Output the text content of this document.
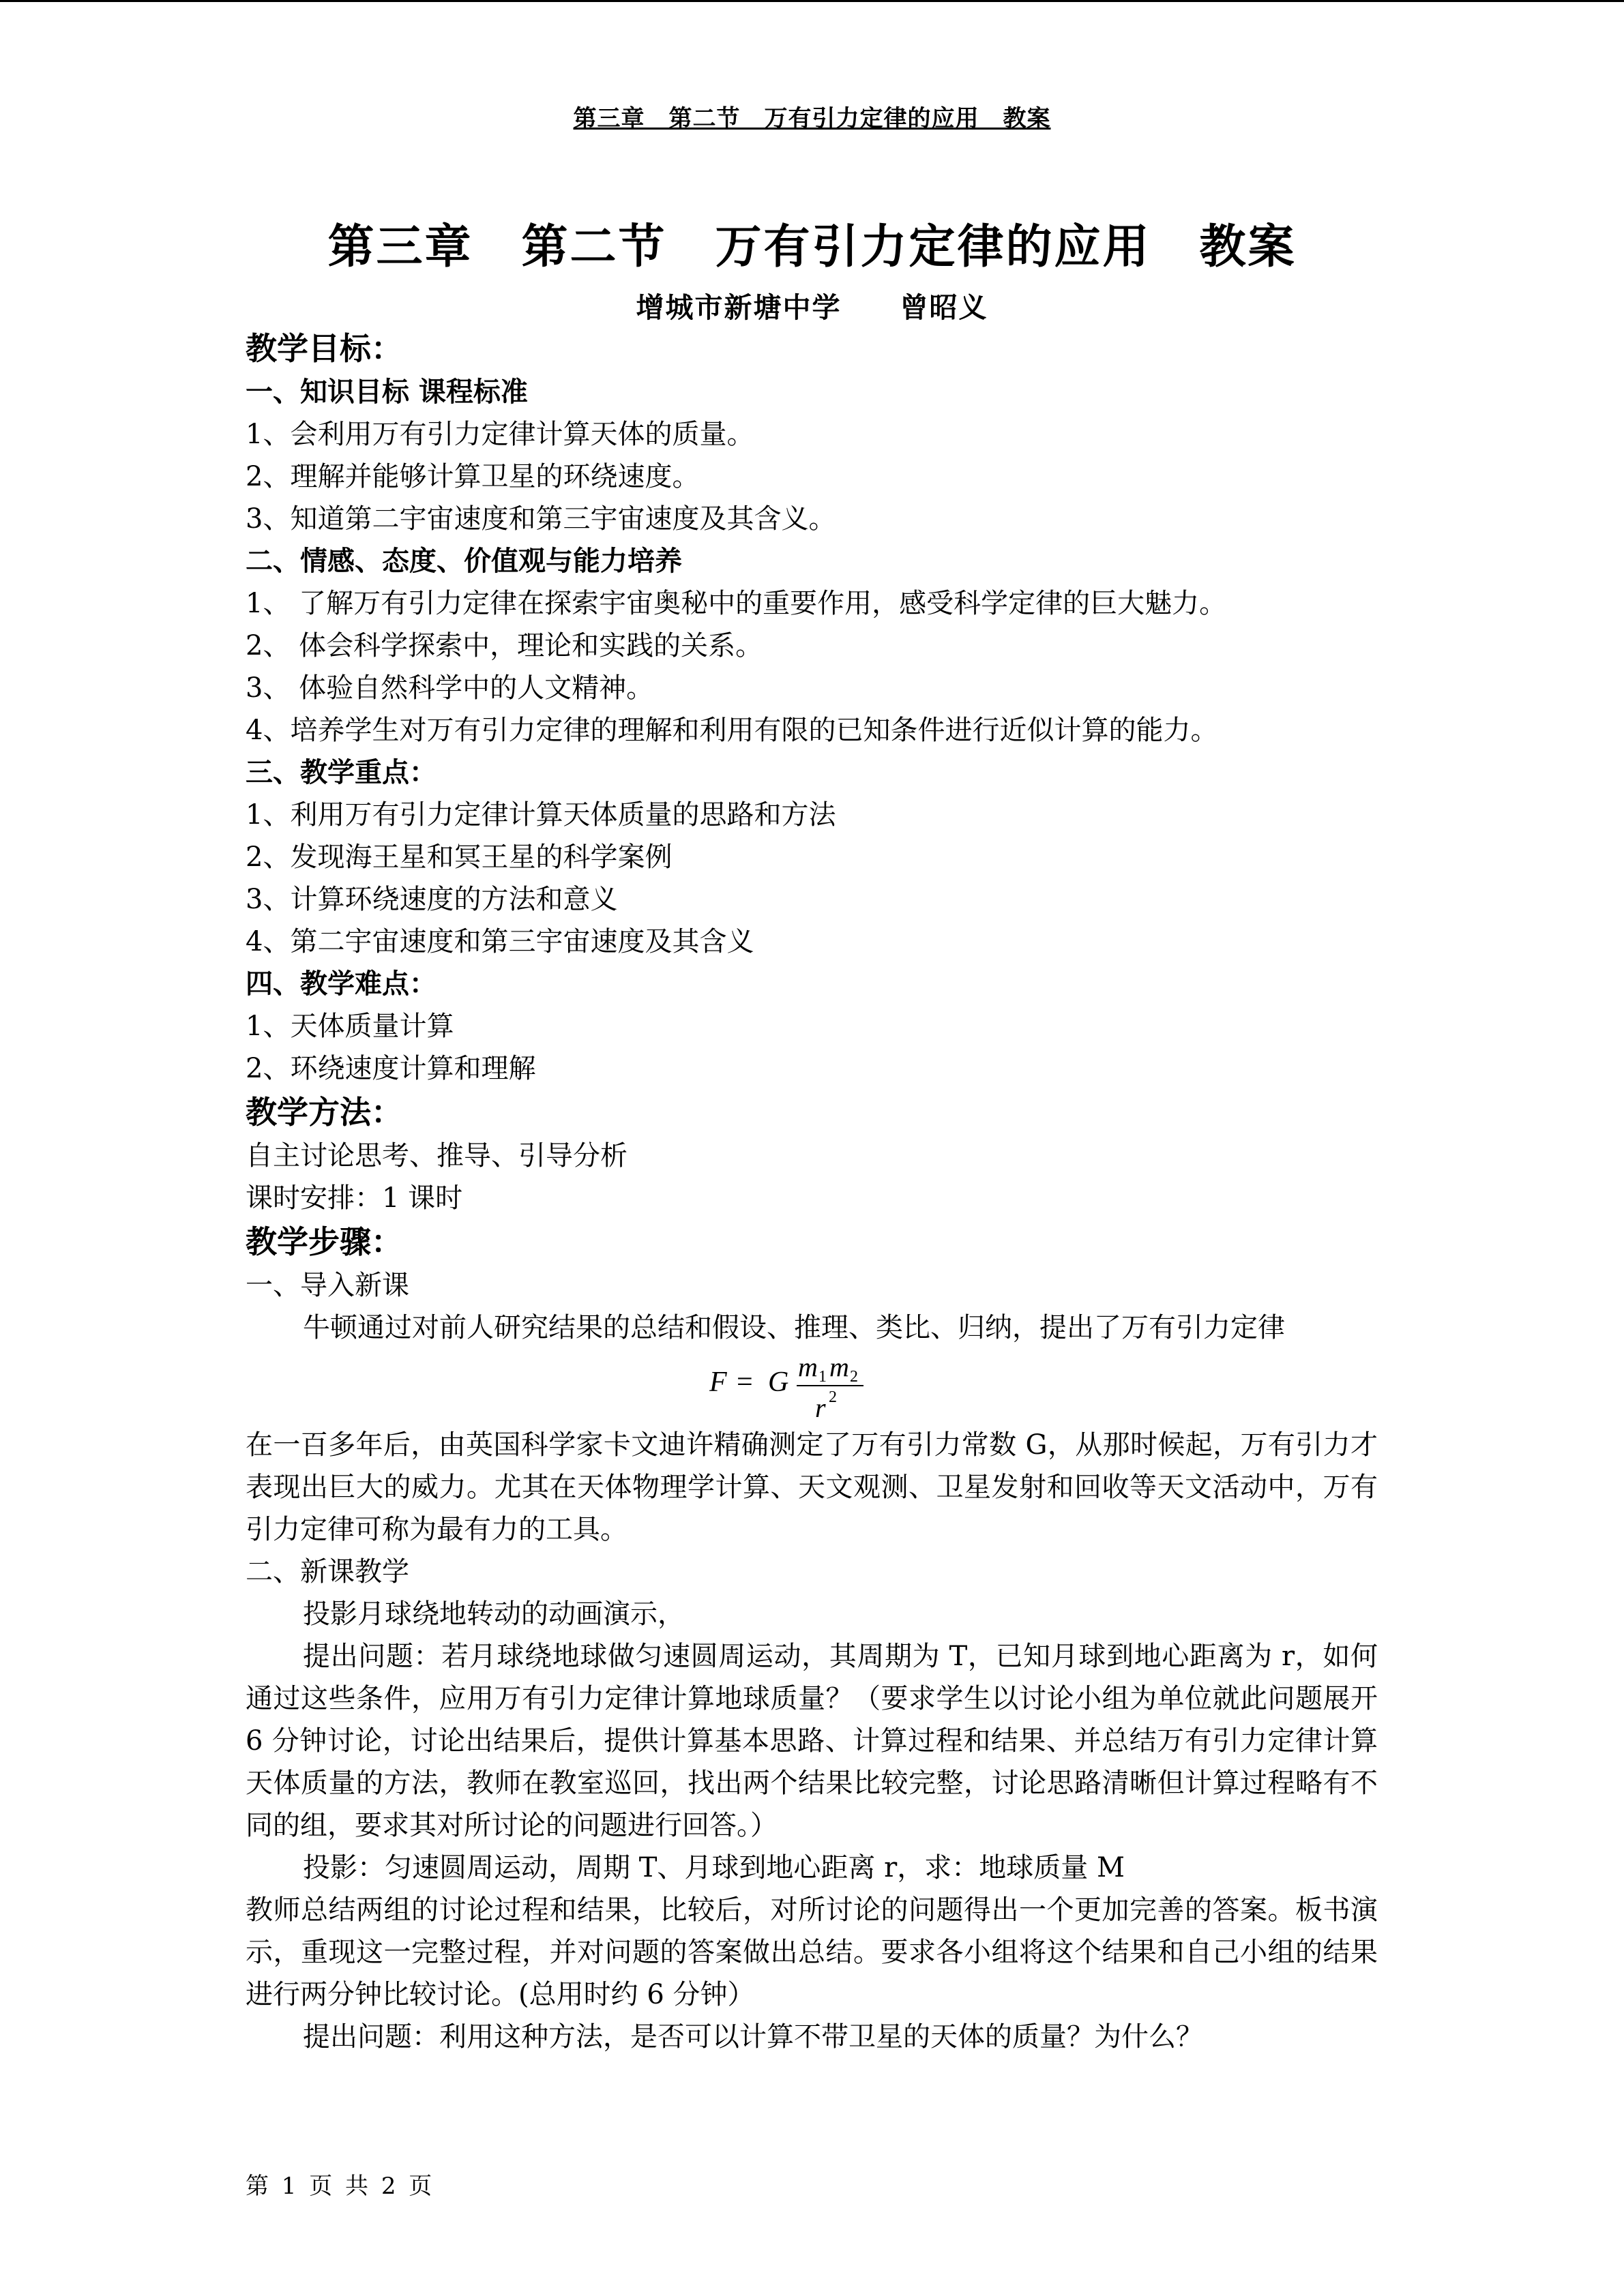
第三章　第二节　万有引力定律的应用　教案
第三章　第二节　万有引力定律的应用　教案
增城市新塘中学　　曾昭义
教学目标：
一、知识目标 课程标准
1、会利用万有引力定律计算天体的质量。
2、理解并能够计算卫星的环绕速度。
3、知道第二宇宙速度和第三宇宙速度及其含义。
二、情感、态度、价值观与能力培养
1、 了解万有引力定律在探索宇宙奥秘中的重要作用，感受科学定律的巨大魅力。
2、 体会科学探索中，理论和实践的关系。
3、 体验自然科学中的人文精神。
4、培养学生对万有引力定律的理解和利用有限的已知条件进行近似计算的能力。
三、教学重点：
1、利用万有引力定律计算天体质量的思路和方法
2、发现海王星和冥王星的科学案例
3、计算环绕速度的方法和意义
4、第二宇宙速度和第三宇宙速度及其含义
四、教学难点：
1、天体质量计算
2、环绕速度计算和理解
教学方法：
自主讨论思考、推导、引导分析
课时安排：1 课时
教学步骤：
一、导入新课
牛顿通过对前人研究结果的总结和假设、推理、类比、归纳，提出了万有引力定律
F = G m 1 m 2
r 2
在一百多年后，由英国科学家卡文迪许精确测定了万有引力常数 G，从那时候起，万有引力才表现出巨大的威力。尤其在天体物理学计算、天文观测、卫星发射和回收等天文活动中，万有引力定律可称为最有力的工具。
二、新课教学
投影月球绕地转动的动画演示，
提出问题：若月球绕地球做匀速圆周运动，其周期为 T，已知月球到地心距离为 r，如何通过这些条件，应用万有引力定律计算地球质量？（要求学生以讨论小组为单位就此问题展开 6 分钟讨论，讨论出结果后，提供计算基本思路、计算过程和结果、并总结万有引力定律计算天体质量的方法，教师在教室巡回，找出两个结果比较完整，讨论思路清晰但计算过程略有不同的组，要求其对所讨论的问题进行回答。）
投影：匀速圆周运动，周期 T、月球到地心距离 r，求：地球质量 M
教师总结两组的讨论过程和结果，比较后，对所讨论的问题得出一个更加完善的答案。板书演示，重现这一完整过程，并对问题的答案做出总结。要求各小组将这个结果和自己小组的结果进行两分钟比较讨论。(总用时约 6 分钟）
提出问题：利用这种方法，是否可以计算不带卫星的天体的质量？为什么？
第 1 页 共 2 页
